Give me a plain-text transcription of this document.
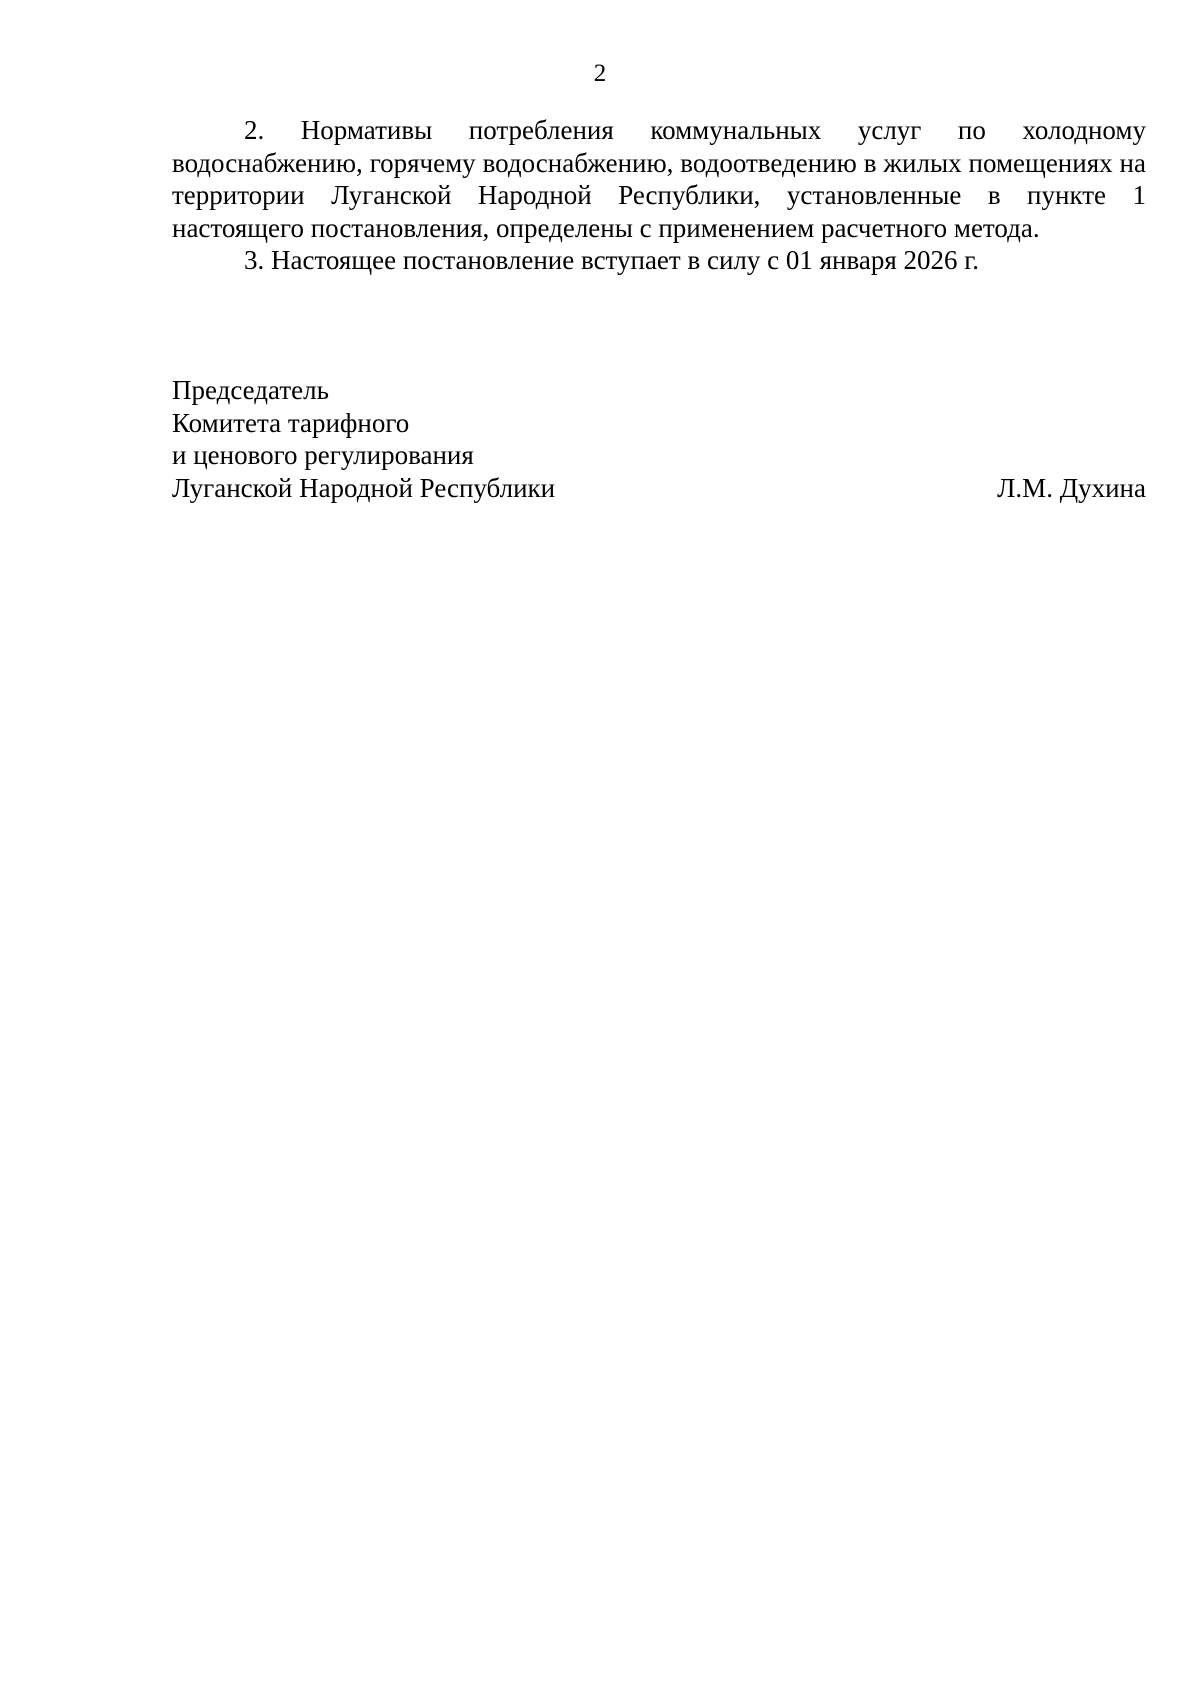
2

2. Нормативы потребления коммунальных услуг по холодному водоснабжению, горячему водоснабжению, водоотведению в жилых помещениях на территории Луганской Народной Республики, установленные в пункте 1 настоящего постановления, определены с применением расчетного метода.

3. Настоящее постановление вступает в силу с 01 января 2026 г.

Председатель
Комитета тарифного
и ценового регулирования
Луганской Народной Республики	Л.М. Духина
